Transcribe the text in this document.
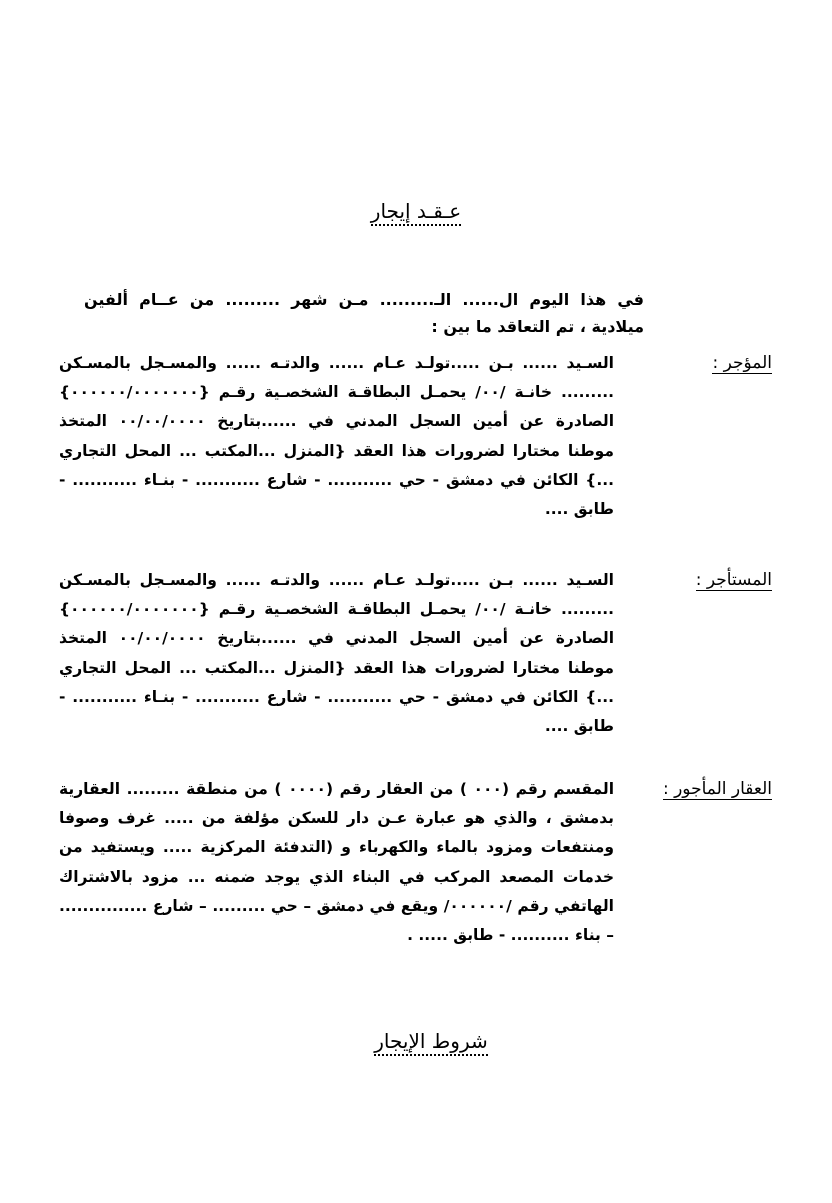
عـقـد إيجار
في هذا اليوم ال...... الـ......... مـن شهر ......... من عــام ألفين ميلادية ، تم التعاقد ما بين :
المؤجر :
السـيد ...... بـن .....تولـد عـام ...... والدتـه ...... والمسـجل بالمسـكن ......... خانـة /٠٠/ يحمـل البطاقـة الشخصـية رقـم {٠٠٠٠٠٠/٠٠٠٠٠٠٠} الصادرة عن أمين السجل المدني في ......بتاريخ ٠٠/٠٠/٠٠٠٠ المتخذ موطنا مختارا لضرورات هذا العقد {المنزل ...المكتب ... المحل التجاري ...} الكائن في دمشق - حي ........... - شارع ........... - بنـاء ........... - طابق ....
المستأجر :
السـيد ...... بـن .....تولـد عـام ...... والدتـه ...... والمسـجل بالمسـكن ......... خانـة /٠٠/ يحمـل البطاقـة الشخصـية رقـم {٠٠٠٠٠٠/٠٠٠٠٠٠٠} الصادرة عن أمين السجل المدني في ......بتاريخ ٠٠/٠٠/٠٠٠٠ المتخذ موطنا مختارا لضرورات هذا العقد {المنزل ...المكتب ... المحل التجاري ...} الكائن في دمشق - حي ........... - شارع ........... - بنـاء ........... - طابق ....
العقار المأجور :
المقسم رقم (٠٠٠ ) من العقار رقم (٠٠٠٠ ) من منطقة ......... العقارية بدمشق ، والذي هو عبارة عـن دار للسكن مؤلفة من ..... غرف وصوفا ومنتفعات ومزود بالماء والكهرباء و (التدفئة المركزية ..... ويستفيد من خدمات المصعد المركب في البناء الذي يوجد ضمنه ... مزود بالاشتراك الهاتفي رقم /٠٠٠٠٠٠/ ويقع في دمشق – حي ......... – شارع ............... – بناء .......... - طابق ..... .
شروط الإيجار
